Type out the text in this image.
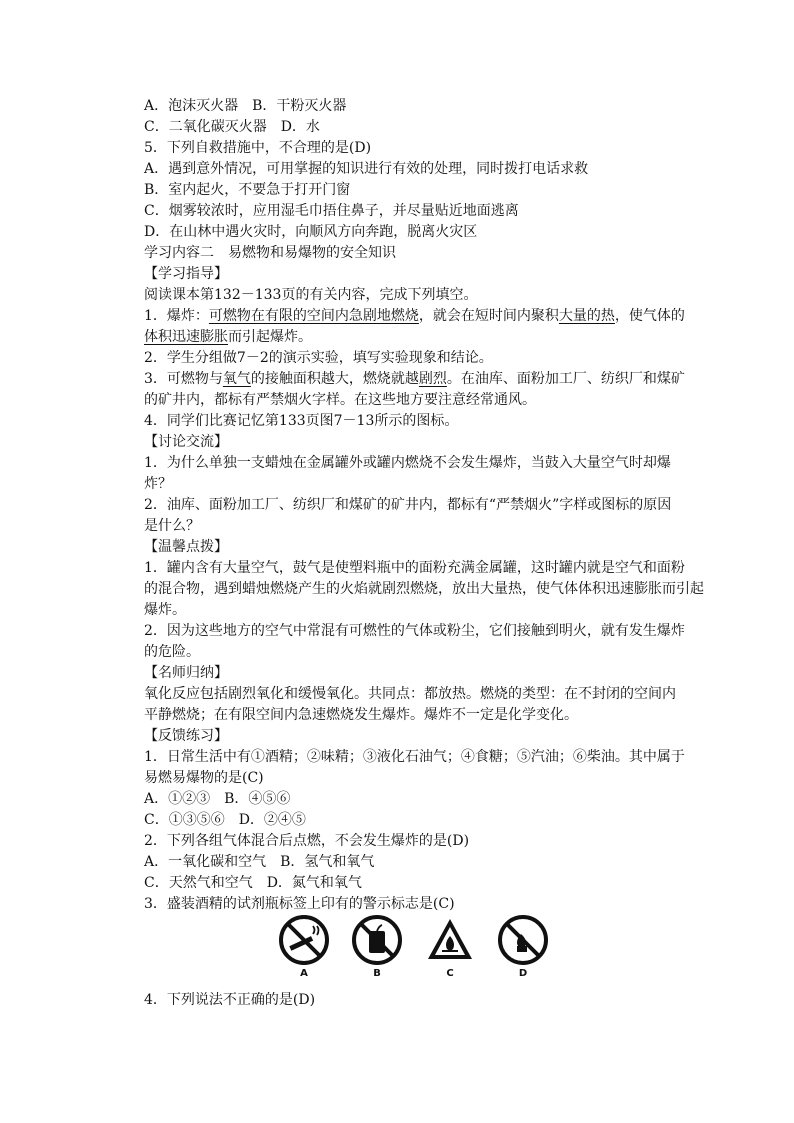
A．泡沫灭火器　B．干粉灭火器
C．二氧化碳灭火器　D．水
5．下列自救措施中，不合理的是(D)
A．遇到意外情况，可用掌握的知识进行有效的处理，同时拨打电话求救
B．室内起火，不要急于打开门窗
C．烟雾较浓时，应用湿毛巾捂住鼻子，并尽量贴近地面逃离
D．在山林中遇火灾时，向顺风方向奔跑，脱离火灾区
学习内容二　易燃物和易爆物的安全知识
【学习指导】
阅读课本第132－133页的有关内容，完成下列填空。
1．爆炸：可燃物在有限的空间内急剧地燃烧，就会在短时间内聚积大量的热，使气体的
体积迅速膨胀而引起爆炸。
2．学生分组做7－2的演示实验，填写实验现象和结论。
3．可燃物与氧气的接触面积越大，燃烧就越剧烈。在油库、面粉加工厂、纺织厂和煤矿
的矿井内，都标有严禁烟火字样。在这些地方要注意经常通风。
4．同学们比赛记忆第133页图7－13所示的图标。
【讨论交流】
1．为什么单独一支蜡烛在金属罐外或罐内燃烧不会发生爆炸，当鼓入大量空气时却爆
炸？
2．油库、面粉加工厂、纺织厂和煤矿的矿井内，都标有“严禁烟火”字样或图标的原因
是什么？
【温馨点拨】
1．罐内含有大量空气，鼓气是使塑料瓶中的面粉充满金属罐，这时罐内就是空气和面粉
的混合物，遇到蜡烛燃烧产生的火焰就剧烈燃烧，放出大量热，使气体体积迅速膨胀而引起
爆炸。
2．因为这些地方的空气中常混有可燃性的气体或粉尘，它们接触到明火，就有发生爆炸
的危险。
【名师归纳】
氧化反应包括剧烈氧化和缓慢氧化。共同点：都放热。燃烧的类型：在不封闭的空间内
平静燃烧；在有限空间内急速燃烧发生爆炸。爆炸不一定是化学变化。
【反馈练习】
1．日常生活中有①酒精；②味精；③液化石油气；④食糖；⑤汽油；⑥柴油。其中属于
易燃易爆物的是(C)
A．①②③　B．④⑤⑥
C．①③⑤⑥　D．②④⑤
2．下列各组气体混合后点燃，不会发生爆炸的是(D)
A．一氧化碳和空气　B．氢气和氧气
C．天然气和空气　D．氮气和氧气
3．盛装酒精的试剂瓶标签上印有的警示标志是(C)
A	B	C	D
4．下列说法不正确的是(D)
